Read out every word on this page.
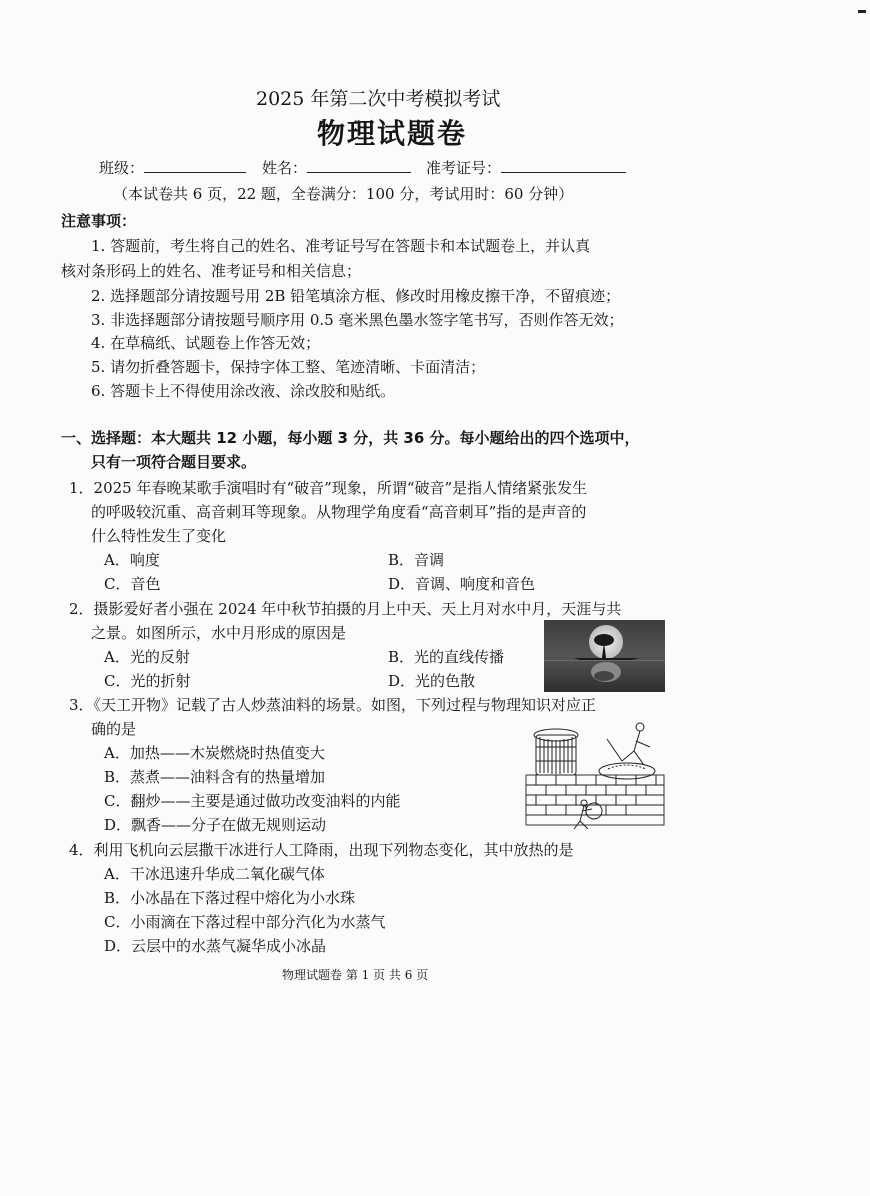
2025 年第二次中考模拟考试
物理试题卷
班级：	姓名：	准考证号：
（本试卷共 6 页，22 题，全卷满分：100 分，考试用时：60 分钟）
注意事项：
1. 答题前，考生将自己的姓名、准考证号写在答题卡和本试题卷上，并认真
核对条形码上的姓名、准考证号和相关信息；
2. 选择题部分请按题号用 2B 铅笔填涂方框、修改时用橡皮擦干净，不留痕迹；
3. 非选择题部分请按题号顺序用 0.5 毫米黑色墨水签字笔书写，否则作答无效；
4. 在草稿纸、试题卷上作答无效；
5. 请勿折叠答题卡，保持字体工整、笔迹清晰、卡面清洁；
6. 答题卡上不得使用涂改液、涂改胶和贴纸。
一、选择题：本大题共 12 小题，每小题 3 分，共 36 分。每小题给出的四个选项中，
只有一项符合题目要求。
1．2025 年春晚某歌手演唱时有“破音”现象，所谓“破音”是指人情绪紧张发生
的呼吸较沉重、高音刺耳等现象。从物理学角度看“高音刺耳”指的是声音的
什么特性发生了变化
A．响度	B．音调
C．音色	D．音调、响度和音色
2．摄影爱好者小强在 2024 年中秋节拍摄的月上中天、天上月对水中月，天涯与共
之景。如图所示，水中月形成的原因是
A．光的反射	B．光的直线传播
C．光的折射	D．光的色散
3．《天工开物》记载了古人炒蒸油料的场景。如图，下列过程与物理知识对应正
确的是
A．加热——木炭燃烧时热值变大
B．蒸煮——油料含有的热量增加
C．翻炒——主要是通过做功改变油料的内能
D．飘香——分子在做无规则运动
4．利用飞机向云层撒干冰进行人工降雨，出现下列物态变化，其中放热的是
A．干冰迅速升华成二氧化碳气体
B．小冰晶在下落过程中熔化为小水珠
C．小雨滴在下落过程中部分汽化为水蒸气
D．云层中的水蒸气凝华成小冰晶
物理试题卷 第 1 页 共 6 页
